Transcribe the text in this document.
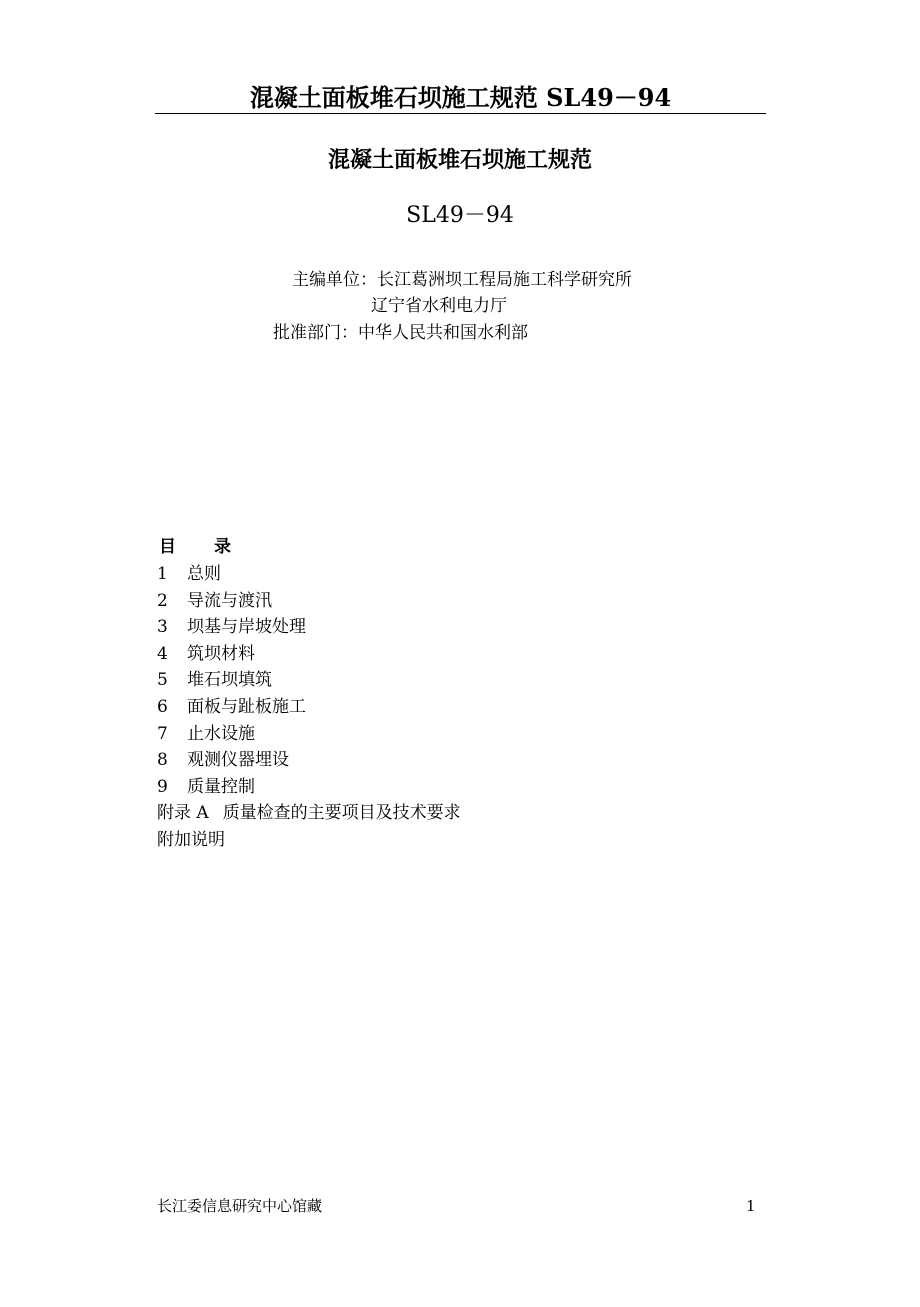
混凝土面板堆石坝施工规范 SL49－94
混凝土面板堆石坝施工规范
SL49－94
主编单位：长江葛洲坝工程局施工科学研究所
辽宁省水利电力厅
批准部门：中华人民共和国水利部
目 录
1 总则
2 导流与渡汛
3 坝基与岸坡处理
4 筑坝材料
5 堆石坝填筑
6 面板与趾板施工
7 止水设施
8 观测仪器埋设
9 质量控制
附录 A 质量检查的主要项目及技术要求
附加说明
长江委信息研究中心馆藏	1
